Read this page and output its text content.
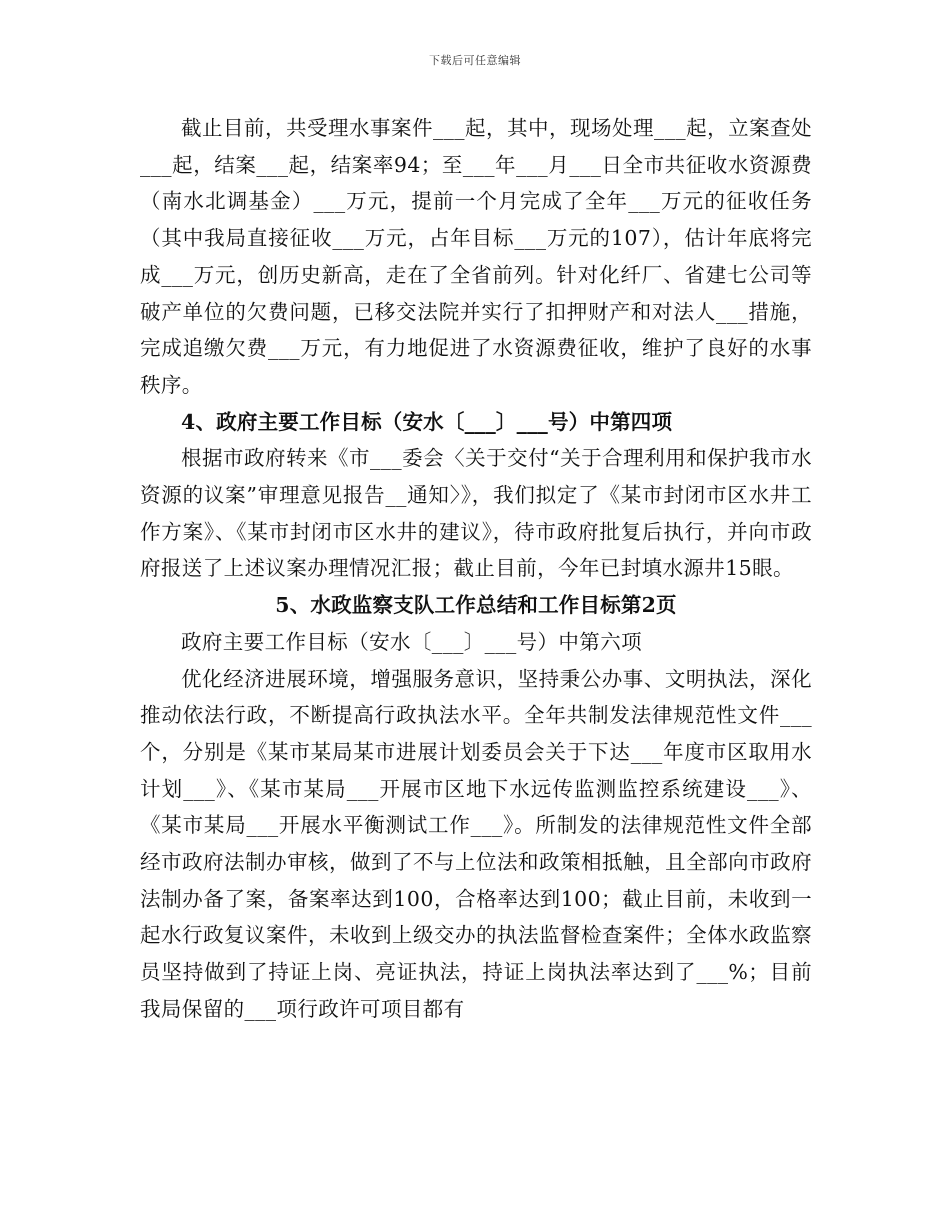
下载后可任意编辑

截止目前，共受理水事案件___起，其中，现场处理___起，立案查处___起，结案___起，结案率94；至___年___月___日全市共征收水资源费（南水北调基金）___万元，提前一个月完成了全年___万元的征收任务（其中我局直接征收___万元，占年目标___万元的107），估计年底将完成___万元，创历史新高，走在了全省前列。针对化纤厂、省建七公司等破产单位的欠费问题，已移交法院并实行了扣押财产和对法人___措施，完成追缴欠费___万元，有力地促进了水资源费征收，维护了良好的水事秩序。

4、政府主要工作目标（安水〔___〕___号）中第四项

根据市政府转来《市___委会〈关于交付“关于合理利用和保护我市水资源的议案”审理意见报告__通知〉》，我们拟定了《某市封闭市区水井工作方案》、《某市封闭市区水井的建议》，待市政府批复后执行，并向市政府报送了上述议案办理情况汇报；截止目前，今年已封填水源井15眼。

5、水政监察支队工作总结和工作目标第2页

政府主要工作目标（安水〔___〕___号）中第六项

优化经济进展环境，增强服务意识，坚持秉公办事、文明执法，深化推动依法行政，不断提高行政执法水平。全年共制发法律规范性文件___个，分别是《某市某局某市进展计划委员会关于下达___年度市区取用水计划___》、《某市某局___开展市区地下水远传监测监控系统建设___》、《某市某局___开展水平衡测试工作___》。所制发的法律规范性文件全部经市政府法制办审核，做到了不与上位法和政策相抵触，且全部向市政府法制办备了案，备案率达到100，合格率达到100；截止目前，未收到一起水行政复议案件，未收到上级交办的执法监督检查案件；全体水政监察员坚持做到了持证上岗、亮证执法，持证上岗执法率达到了___%；目前我局保留的___项行政许可项目都有
